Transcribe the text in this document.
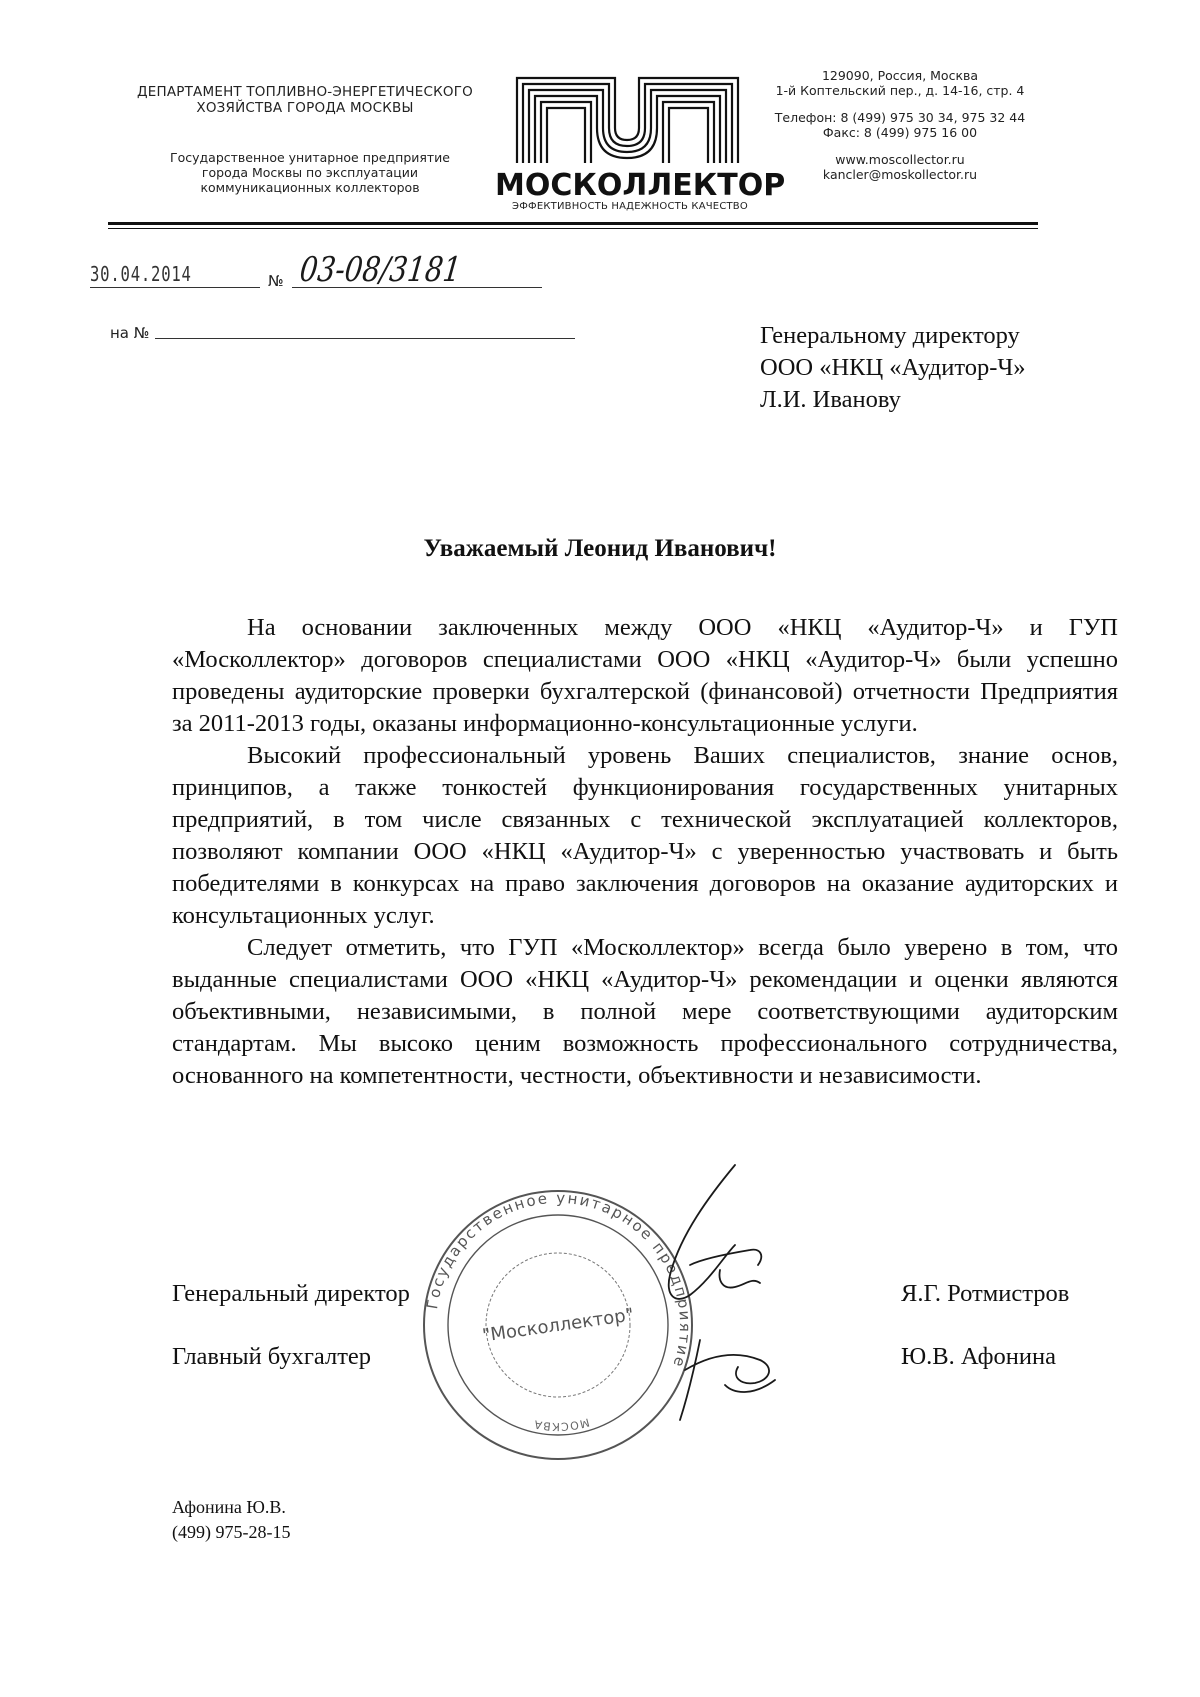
ДЕПАРТАМЕНТ ТОПЛИВНО-ЭНЕРГЕТИЧЕСКОГО
ХОЗЯЙСТВА ГОРОДА МОСКВЫ
Государственное унитарное предприятие
города Москвы по эксплуатации
коммуникационных коллекторов	МОСКОЛЛЕКТОР
ЭФФЕКТИВНОСТЬ НАДЕЖНОСТЬ КАЧЕСТВО
129090, Россия, Москва
1-й Коптельский пер., д. 14-16, стр. 4
Телефон: 8 (499) 975 30 34, 975 32 44
Факс: 8 (499) 975 16 00
www.moscollector.ru
kancler@moskollector.ru
30.04.2014	№ 03-08/3181
на №	Генеральному директору
ООО «НКЦ «Аудитор-Ч»
Л.И. Иванову
Уважаемый Леонид Иванович!

На основании заключенных между ООО «НКЦ «Аудитор-Ч» и ГУП «Москоллектор» договоров специалистами ООО «НКЦ «Аудитор-Ч» были успешно проведены аудиторские проверки бухгалтерской (финансовой) отчетности Предприятия за 2011-2013 годы, оказаны информационно-консультационные услуги.

Высокий профессиональный уровень Ваших специалистов, знание основ, принципов, а также тонкостей функционирования государственных унитарных предприятий, в том числе связанных с технической эксплуатацией коллекторов, позволяют компании ООО «НКЦ «Аудитор-Ч» с уверенностью участвовать и быть победителями в конкурсах на право заключения договоров на оказание аудиторских и консультационных услуг.

Следует отметить, что ГУП «Москоллектор» всегда было уверено в том, что выданные специалистами ООО «НКЦ «Аудитор-Ч» рекомендации и оценки являются объективными, независимыми, в полной мере соответствующими аудиторским стандартам. Мы высоко ценим возможность профессионального сотрудничества, основанного на компетентности, честности, объективности и независимости.

Государственное унитарное предприятие
МОСКВА
"Москоллектор"
Генеральный директор	Я.Г. Ротмистров
Главный бухгалтер	Ю.В. Афонина
Афонина Ю.В.
(499) 975-28-15
